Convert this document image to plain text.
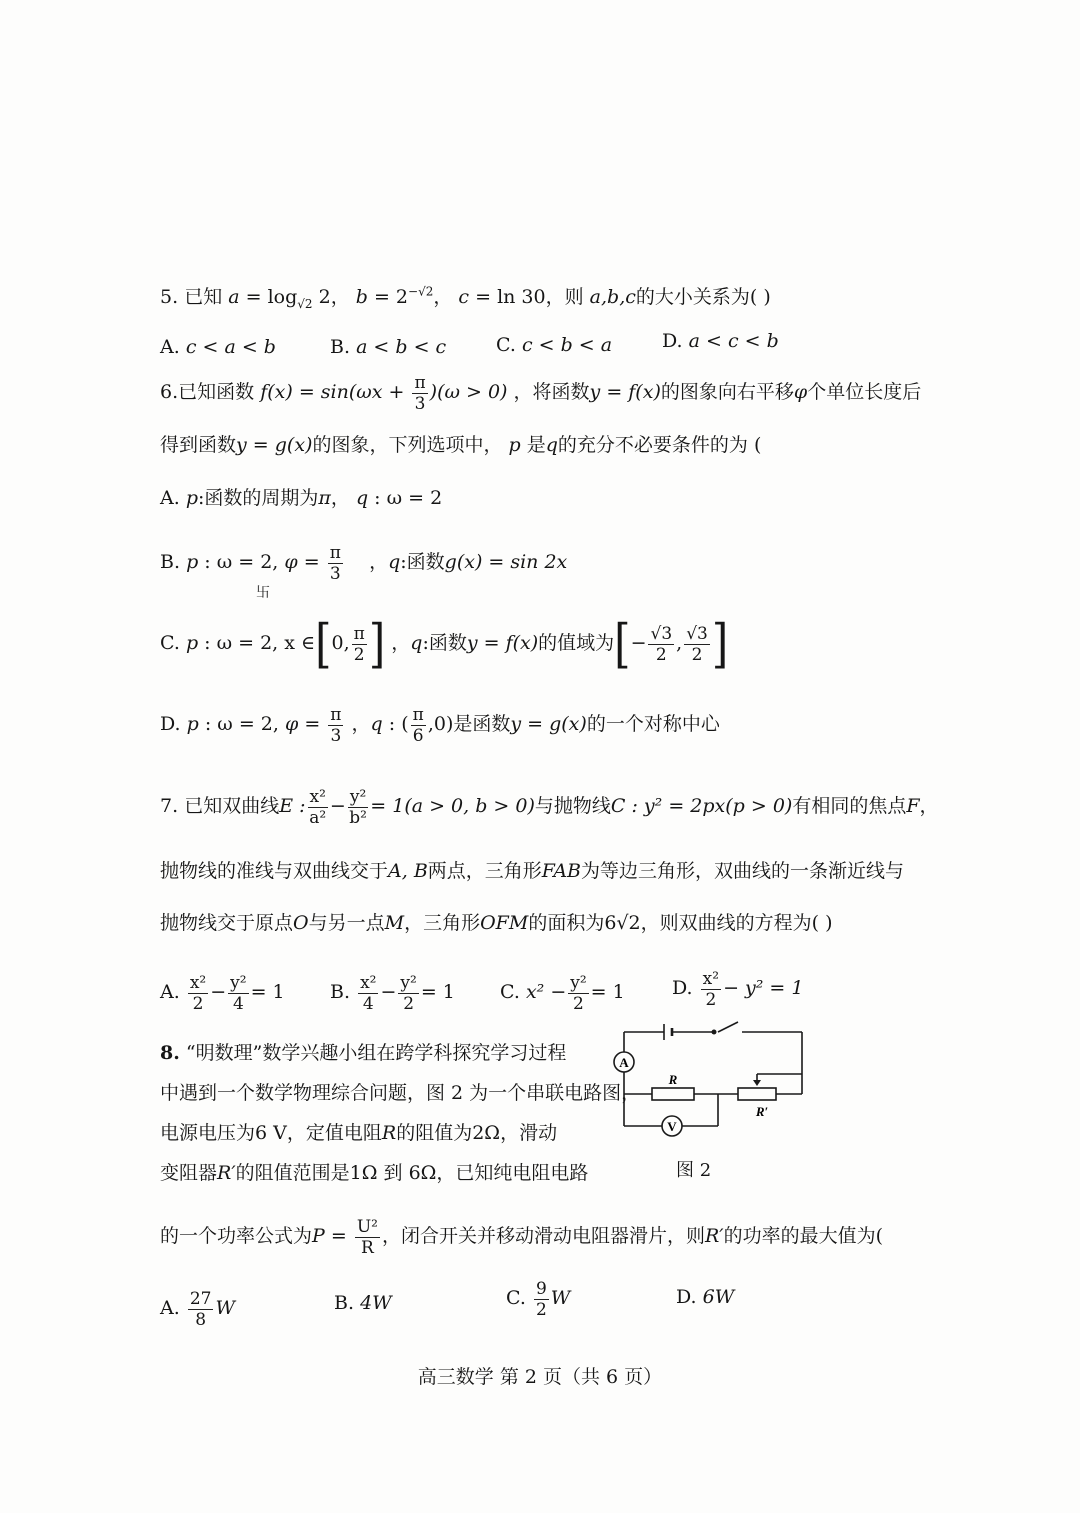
5. 已知 $a = \log_{√2} 2$， $b = 2^{-√2}$， c = ln 30，则 a,b,c的大小关系为( )
A. c < a < b	B. a < b < c	C. c < b < a	D. a < c < b
6.已知函数 $f(x) = \sin(\omega x + \frac{\pi}{3} )(\omega > 0)$ ，将函数y = f(x)的图象向右平移φ个单位长度后
得到函数y = g(x)的图象，下列选项中， p 是q的充分不必要条件的为 (
A. p:函数的周期为π， q : ω = 2
B. p : ω = 2, $\varphi = \frac{\pi}{3}$ ，q:函数g(x) = sin 2x
卐
C. p : ω = 2, x ∈[0, $\frac{\pi}{2}$ ] ，q:函数y = f(x)的值域为[− $\frac{√3}{2}$ , $\frac{√3}{2}$ ]
D. p : ω = 2, $\varphi = \frac{\pi}{3}$ ，q : ( $\frac{\pi}{6} ,0$)是函数y = g(x)的一个对称中心
7. 已知双曲线E : $\frac{\text{x²}}{\text{a²}} - \frac{\text{y²}}{\text{b²}} = 1(a > 0$, b > 0)与抛物线C : y² = 2px(p > 0)有相同的焦点F，
抛物线的准线与双曲线交于A, B两点，三角形FAB为等边三角形，双曲线的一条渐近线与
抛物线交于原点O与另一点M，三角形OFM的面积为6√2，则双曲线的方程为( )
A. $\frac{\text{x²}}{2} - \frac{\text{y²}}{4} = 1$ B. $\frac{\text{x²}}{4} - \frac{\text{y²}}{2} = 1$ C. $x^2 - \frac{\text{y²}}{2} = 1$ D. $\frac{\text{x²}}{2} - y^2 = 1$
8. “明数理”数学兴趣小组在跨学科探究学习过程
中遇到一个数学物理综合问题，图 2 为一个串联电路图，
电源电压为6 V，定值电阻R的阻值为2Ω，滑动
变阻器R′的阻值范围是1Ω 到 6Ω，已知纯电阻电路
的一个功率公式为$P = \frac{\text{U²}}{R}$ ，闭合开关并移动滑动电阻器滑片，则R′的功率的最大值为(
A. $\frac{27}{8}$ W	B. 4W	C. $\frac{9}{2}$ W	D. 6W
A
V
R
R′
图 2
高三数学 第 2 页（共 6 页）
